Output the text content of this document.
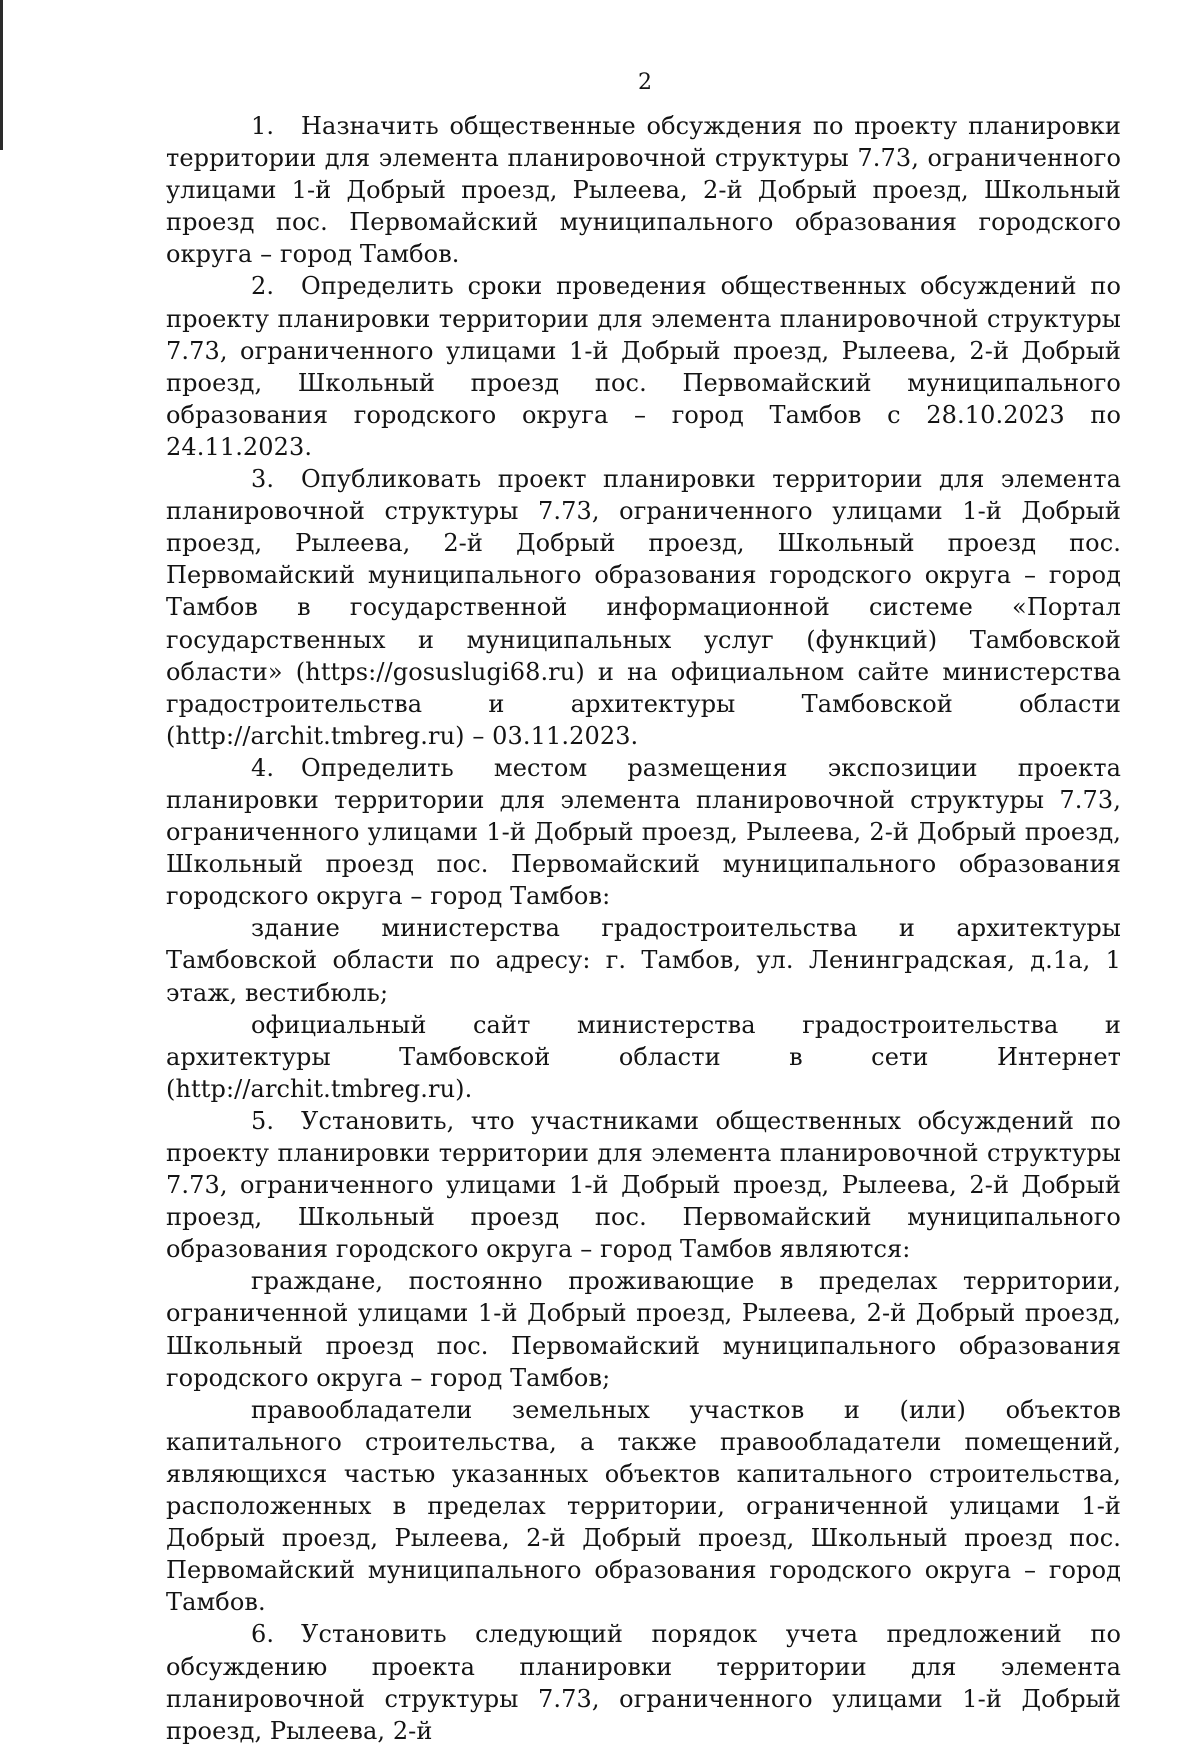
2

1. Назначить общественные обсуждения по проекту планировки территории для элемента планировочной структуры 7.73, ограниченного улицами 1-й Добрый проезд, Рылеева, 2-й Добрый проезд, Школьный проезд пос. Первомайский муниципального образования городского округа – город Тамбов.

2. Определить сроки проведения общественных обсуждений по проекту планировки территории для элемента планировочной структуры 7.73, ограниченного улицами 1-й Добрый проезд, Рылеева, 2-й Добрый проезд, Школьный проезд пос. Первомайский муниципального образования городского округа – город Тамбов с 28.10.2023 по 24.11.2023.

3. Опубликовать проект планировки территории для элемента планировочной структуры 7.73, ограниченного улицами 1-й Добрый проезд, Рылеева, 2-й Добрый проезд, Школьный проезд пос. Первомайский муниципального образования городского округа – город Тамбов в государственной информационной системе «Портал государственных и муниципальных услуг (функций) Тамбовской области» (https://gosuslugi68.ru) и на официальном сайте министерства градостроительства и архитектуры Тамбовской области (http://archit.tmbreg.ru) – 03.11.2023.

4. Определить местом размещения экспозиции проекта планировки территории для элемента планировочной структуры 7.73, ограниченного улицами 1-й Добрый проезд, Рылеева, 2-й Добрый проезд, Школьный проезд пос. Первомайский муниципального образования городского округа – город Тамбов:

здание министерства градостроительства и архитектуры Тамбовской области по адресу: г. Тамбов, ул. Ленинградская, д.1а, 1 этаж, вестибюль;

официальный сайт министерства градостроительства и архитектуры Тамбовской области в сети Интернет (http://archit.tmbreg.ru).

5. Установить, что участниками общественных обсуждений по проекту планировки территории для элемента планировочной структуры 7.73, ограниченного улицами 1-й Добрый проезд, Рылеева, 2-й Добрый проезд, Школьный проезд пос. Первомайский муниципального образования городского округа – город Тамбов являются:

граждане, постоянно проживающие в пределах территории, ограниченной улицами 1-й Добрый проезд, Рылеева, 2-й Добрый проезд, Школьный проезд пос. Первомайский муниципального образования городского округа – город Тамбов;

правообладатели земельных участков и (или) объектов капитального строительства, а также правообладатели помещений, являющихся частью указанных объектов капитального строительства, расположенных в пределах территории, ограниченной улицами 1-й Добрый проезд, Рылеева, 2-й Добрый проезд, Школьный проезд пос. Первомайский муниципального образования городского округа – город Тамбов.

6. Установить следующий порядок учета предложений по обсуждению проекта планировки территории для элемента планировочной структуры 7.73, ограниченного улицами 1-й Добрый проезд, Рылеева, 2-й
